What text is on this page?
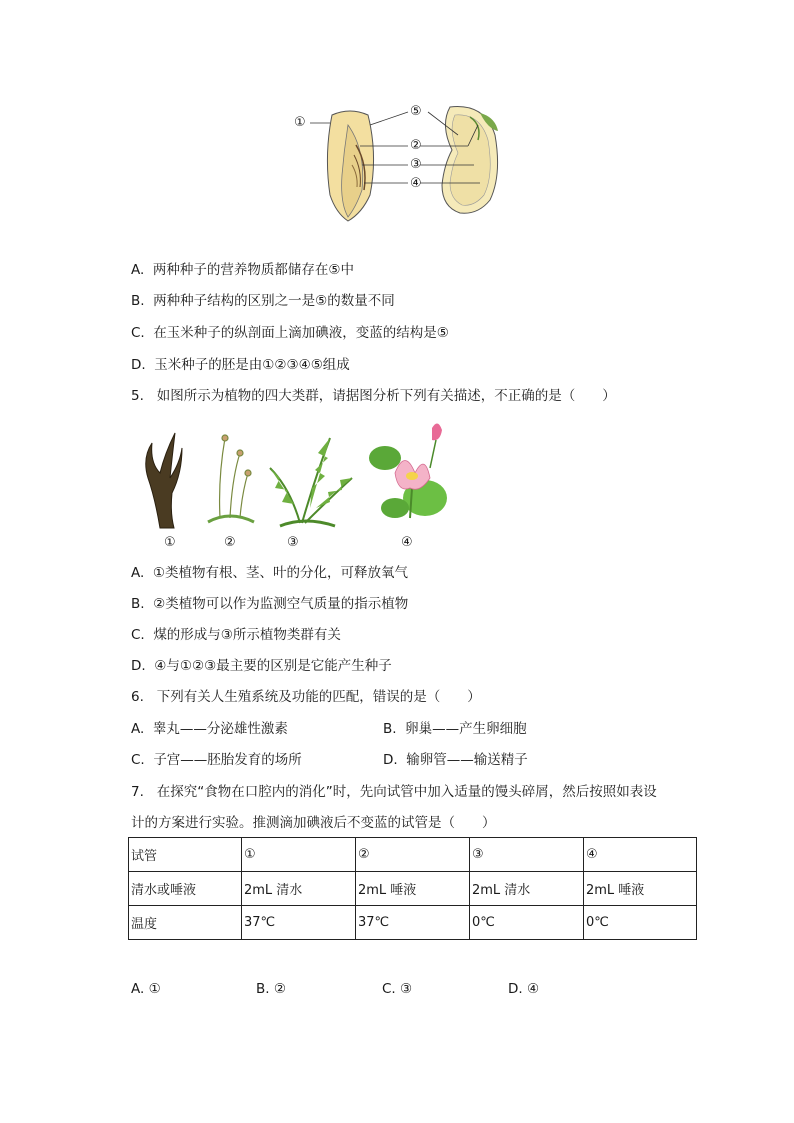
①
⑤
②
③
④
A. 两种种子的营养物质都储存在⑤中
B. 两种种子结构的区别之一是⑤的数量不同
C. 在玉米种子的纵剖面上滴加碘液，变蓝的结构是⑤
D. 玉米种子的胚是由①②③④⑤组成
5. 如图所示为植物的四大类群，请据图分析下列有关描述，不正确的是（　　）
①	②	③	④
A. ①类植物有根、茎、叶的分化，可释放氧气
B. ②类植物可以作为监测空气质量的指示植物
C. 煤的形成与③所示植物类群有关
D. ④与①②③最主要的区别是它能产生种子
6. 下列有关人生殖系统及功能的匹配，错误的是（　　）
A. 睾丸——分泌雄性激素	B. 卵巢——产生卵细胞
C. 子宫——胚胎发育的场所	D. 输卵管——输送精子
7. 在探究“食物在口腔内的消化”时，先向试管中加入适量的馒头碎屑，然后按照如表设
计的方案进行实验。推测滴加碘液后不变蓝的试管是（　　）
试管	①	②	③	④
清水或唾液	2mL 清水	2mL 唾液	2mL 清水	2mL 唾液
温度	37℃	37℃	0℃	0℃
A. ①	B. ②	C. ③	D. ④
